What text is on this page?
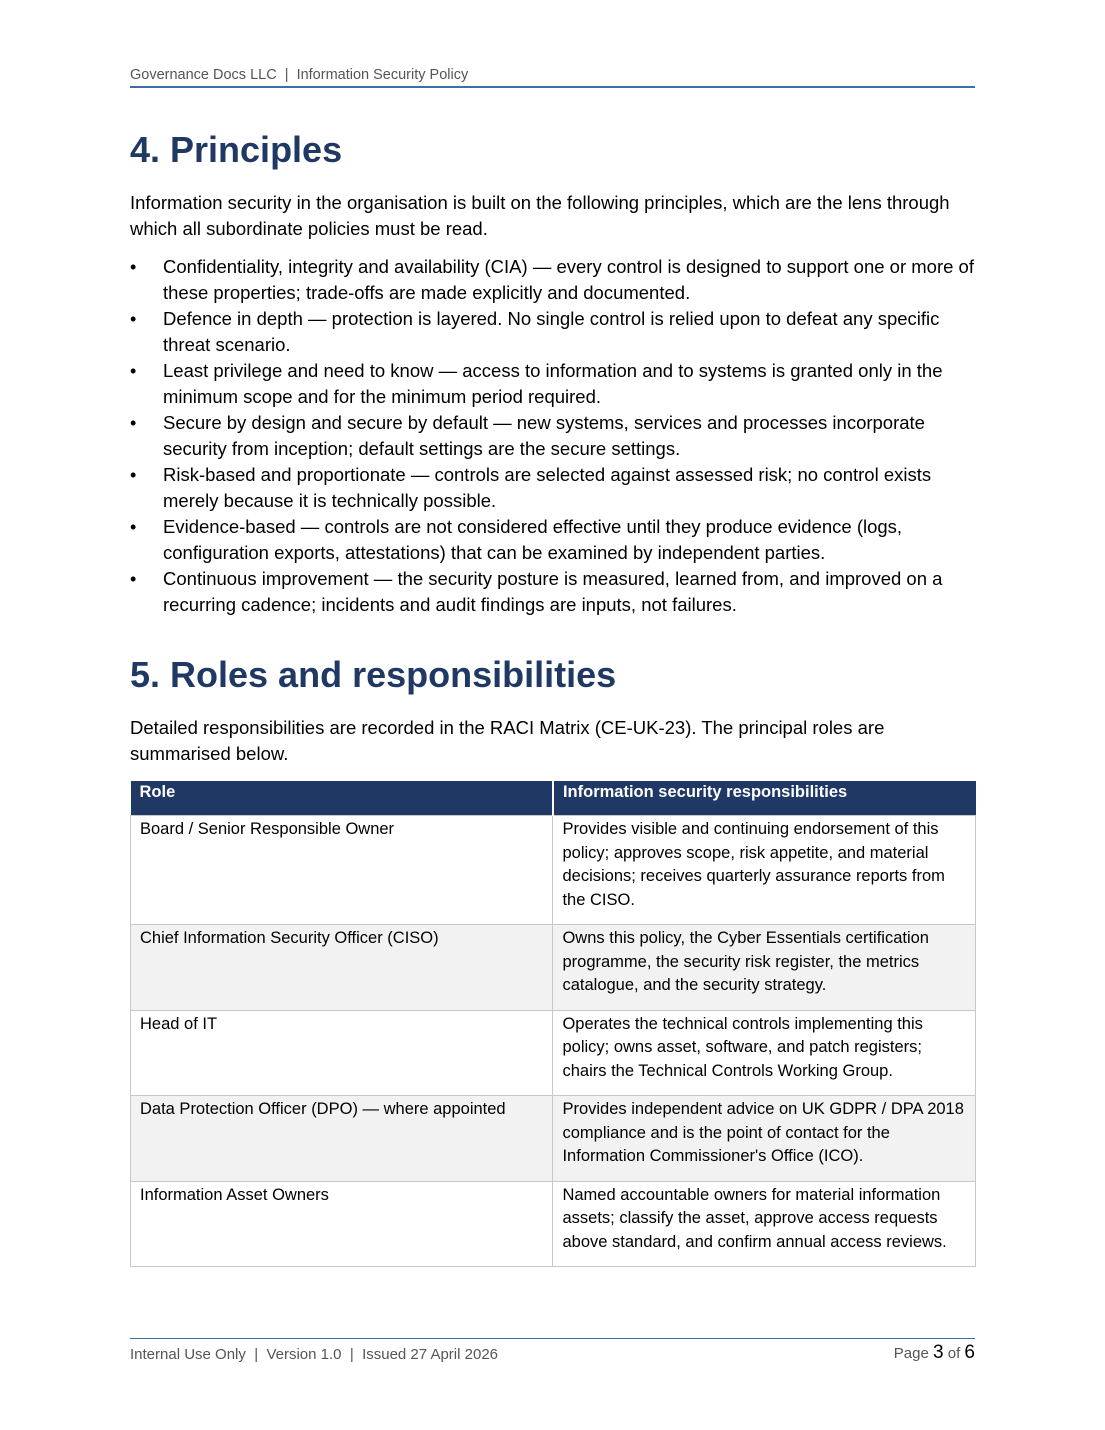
Governance Docs LLC  |  Information Security Policy
4. Principles

Information security in the organisation is built on the following principles, which are the lens through which all subordinate policies must be read.

• Confidentiality, integrity and availability (CIA) — every control is designed to support one or more of these properties; trade-offs are made explicitly and documented.
• Defence in depth — protection is layered. No single control is relied upon to defeat any specific threat scenario.
• Least privilege and need to know — access to information and to systems is granted only in the minimum scope and for the minimum period required.
• Secure by design and secure by default — new systems, services and processes incorporate security from inception; default settings are the secure settings.
• Risk-based and proportionate — controls are selected against assessed risk; no control exists merely because it is technically possible.
• Evidence-based — controls are not considered effective until they produce evidence (logs, configuration exports, attestations) that can be examined by independent parties.
• Continuous improvement — the security posture is measured, learned from, and improved on a recurring cadence; incidents and audit findings are inputs, not failures.
5. Roles and responsibilities

Detailed responsibilities are recorded in the RACI Matrix (CE-UK-23). The principal roles are summarised below.

Role	Information security responsibilities
Board / Senior Responsible Owner	Provides visible and continuing endorsement of this policy; approves scope, risk appetite, and material decisions; receives quarterly assurance reports from the CISO.
Chief Information Security Officer (CISO)	Owns this policy, the Cyber Essentials certification programme, the security risk register, the metrics catalogue, and the security strategy.
Head of IT	Operates the technical controls implementing this policy; owns asset, software, and patch registers; chairs the Technical Controls Working Group.
Data Protection Officer (DPO) — where appointed	Provides independent advice on UK GDPR / DPA 2018 compliance and is the point of contact for the Information Commissioner's Office (ICO).
Information Asset Owners	Named accountable owners for material information assets; classify the asset, approve access requests above standard, and confirm annual access reviews.
Internal Use Only  |  Version 1.0  |  Issued 27 April 2026	Page 3 of 6
